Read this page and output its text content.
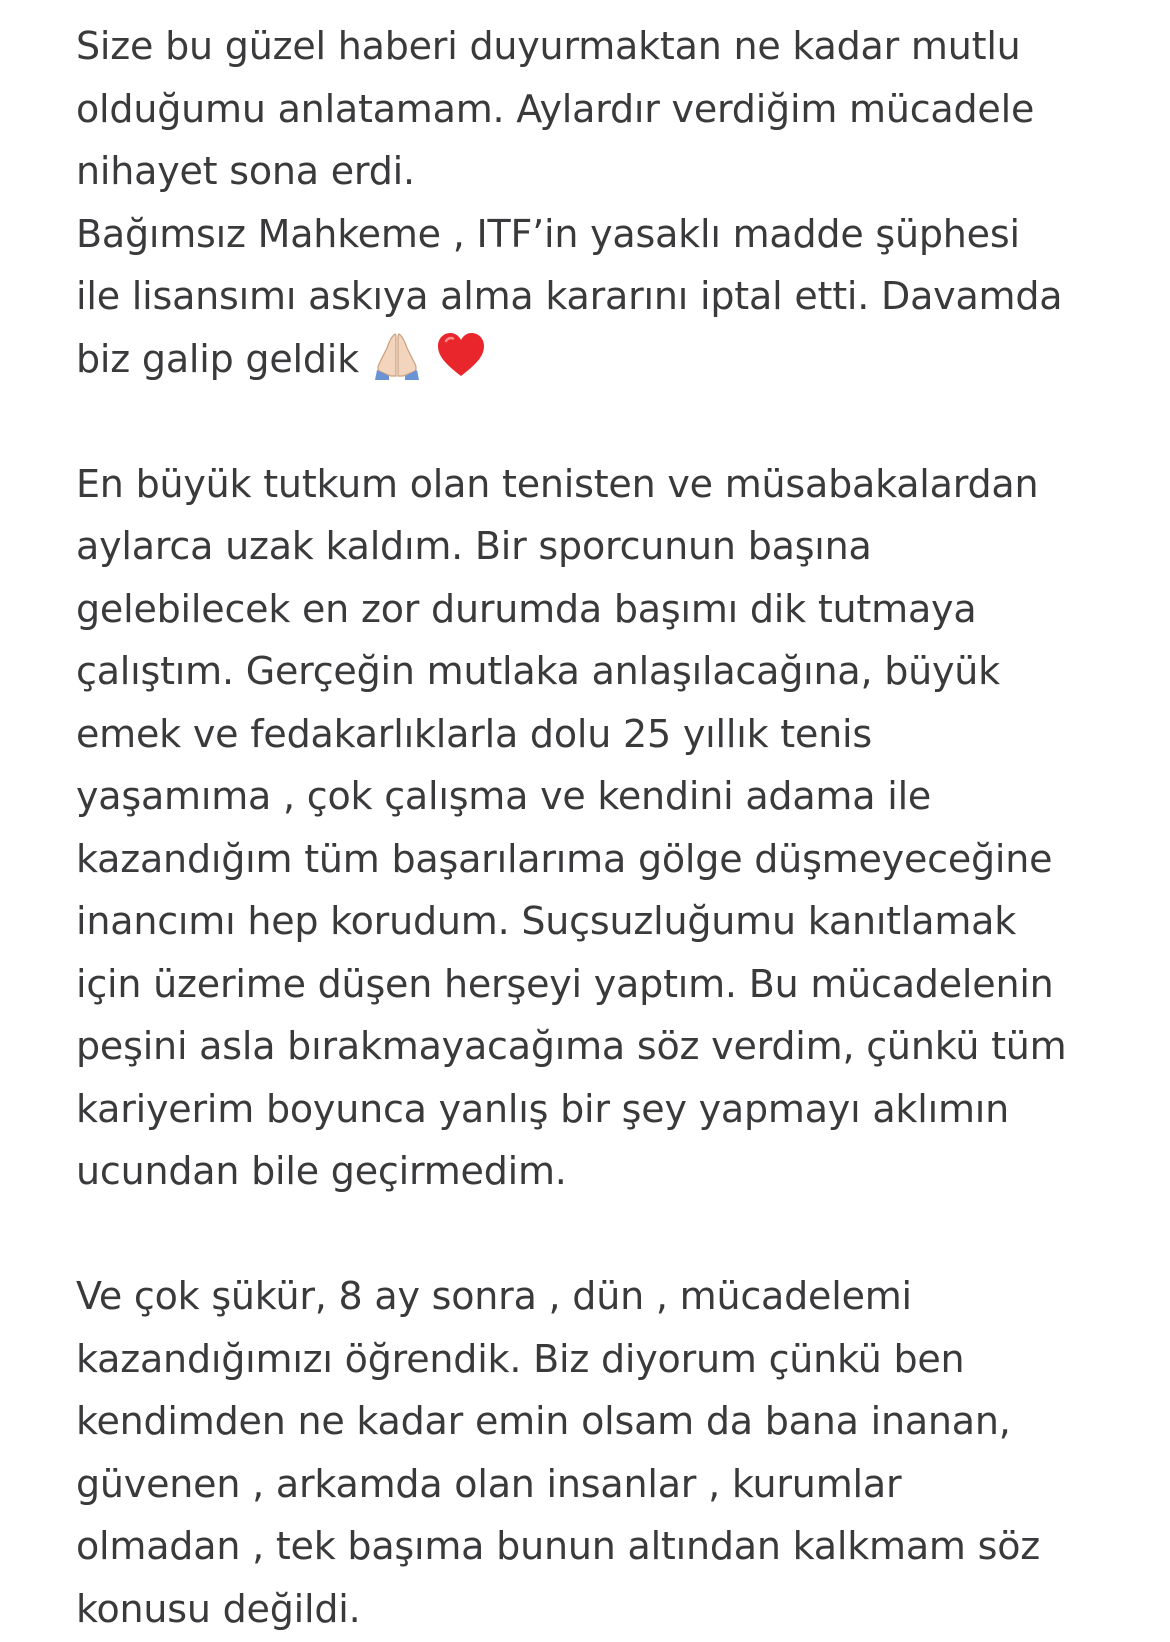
Size bu güzel haberi duyurmaktan ne kadar mutlu
olduğumu anlatamam. Aylardır verdiğim mücadele
nihayet sona erdi.
Bağımsız Mahkeme , ITF’in yasaklı madde şüphesi
ile lisansımı askıya alma kararını iptal etti. Davamda
biz galip geldik
En büyük tutkum olan tenisten ve müsabakalardan
aylarca uzak kaldım. Bir sporcunun başına
gelebilecek en zor durumda başımı dik tutmaya
çalıştım. Gerçeğin mutlaka anlaşılacağına, büyük
emek ve fedakarlıklarla dolu 25 yıllık tenis
yaşamıma , çok çalışma ve kendini adama ile
kazandığım tüm başarılarıma gölge düşmeyeceğine
inancımı hep korudum. Suçsuzluğumu kanıtlamak
için üzerime düşen herşeyi yaptım. Bu mücadelenin
peşini asla bırakmayacağıma söz verdim, çünkü tüm
kariyerim boyunca yanlış bir şey yapmayı aklımın
ucundan bile geçirmedim.
Ve çok şükür, 8 ay sonra , dün , mücadelemi
kazandığımızı öğrendik. Biz diyorum çünkü ben
kendimden ne kadar emin olsam da bana inanan,
güvenen , arkamda olan insanlar , kurumlar
olmadan , tek başıma bunun altından kalkmam söz
konusu değildi.
